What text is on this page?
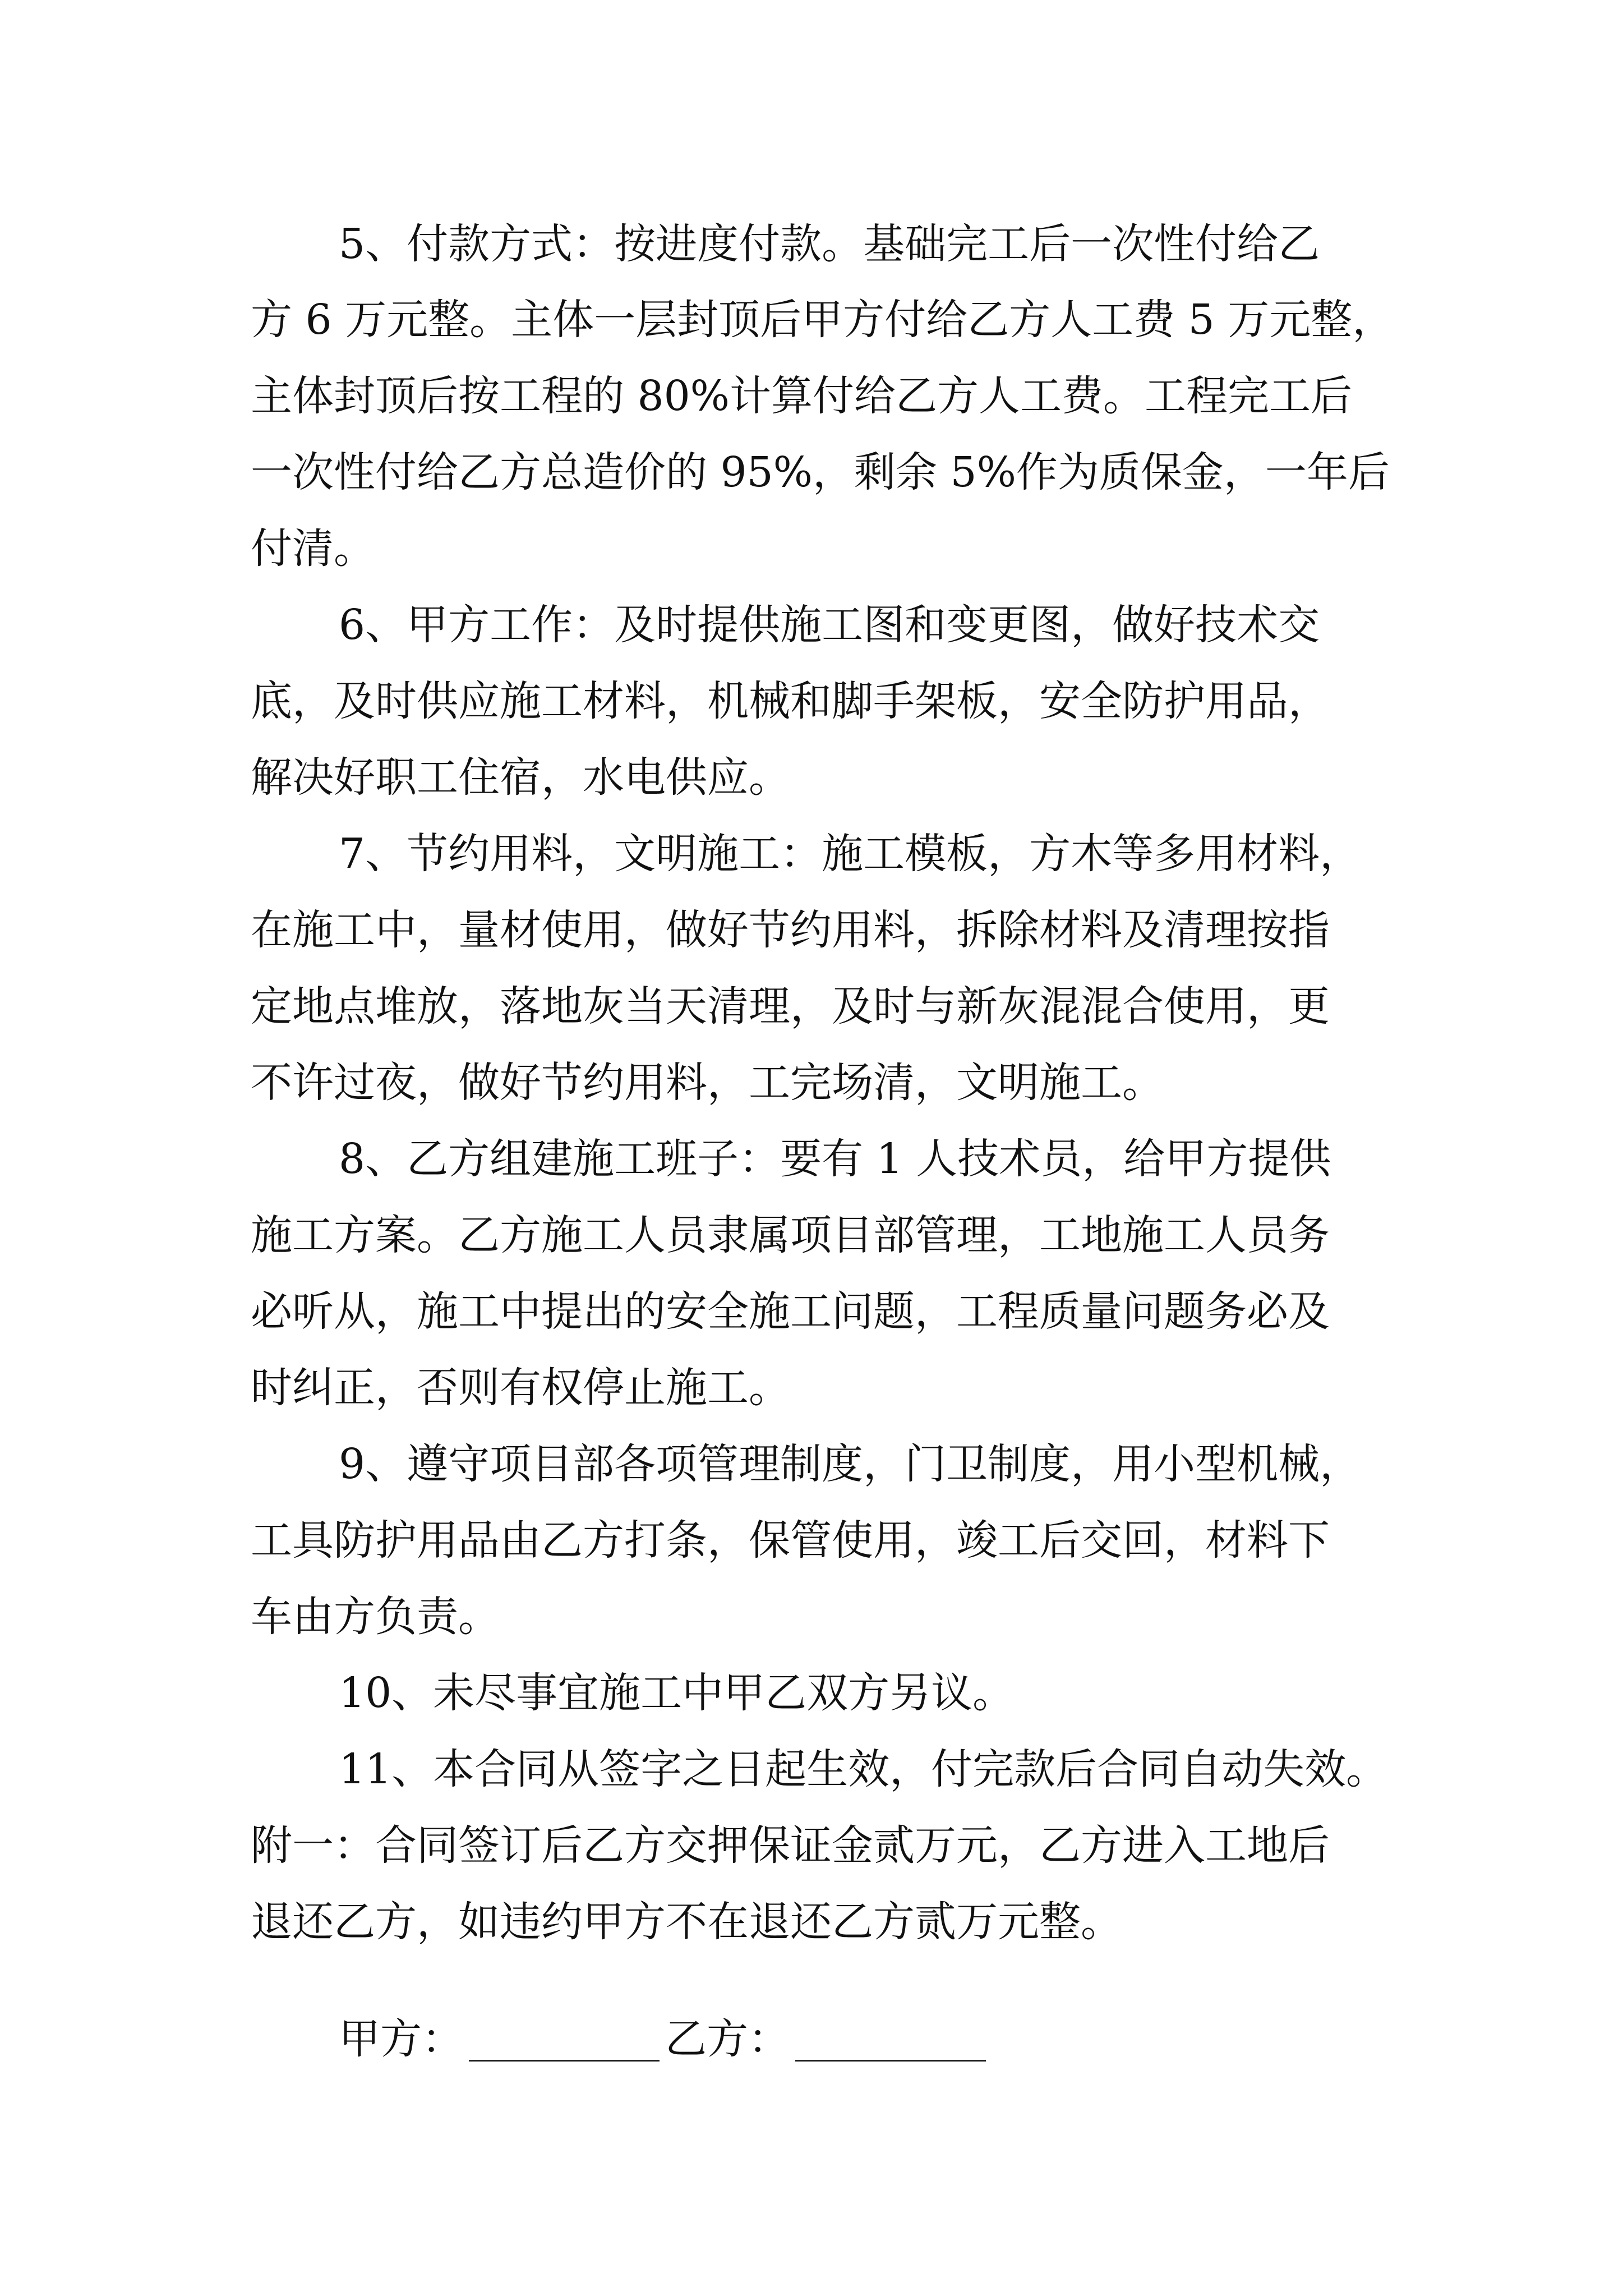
5、付款方式：按进度付款。基础完工后一次性付给乙
方 6 万元整。主体一层封顶后甲方付给乙方人工费 5 万元整，
主体封顶后按工程的 80%计算付给乙方人工费。工程完工后
一次性付给乙方总造价的 95%，剩余 5%作为质保金，一年后
付清。
6、甲方工作：及时提供施工图和变更图，做好技术交
底，及时供应施工材料，机械和脚手架板，安全防护用品，
解决好职工住宿，水电供应。
7、节约用料，文明施工：施工模板，方木等多用材料，
在施工中，量材使用，做好节约用料，拆除材料及清理按指
定地点堆放，落地灰当天清理，及时与新灰混混合使用，更
不许过夜，做好节约用料，工完场清，文明施工。
8、乙方组建施工班子：要有 1 人技术员，给甲方提供
施工方案。乙方施工人员隶属项目部管理，工地施工人员务
必听从，施工中提出的安全施工问题，工程质量问题务必及
时纠正，否则有权停止施工。
9、遵守项目部各项管理制度，门卫制度，用小型机械，
工具防护用品由乙方打条，保管使用，竣工后交回，材料下
车由方负责。
10、未尽事宜施工中甲乙双方另议。
11、本合同从签字之日起生效，付完款后合同自动失效。
附一：合同签订后乙方交押保证金贰万元，乙方进入工地后
退还乙方，如违约甲方不在退还乙方贰万元整。
甲方：	乙方：
